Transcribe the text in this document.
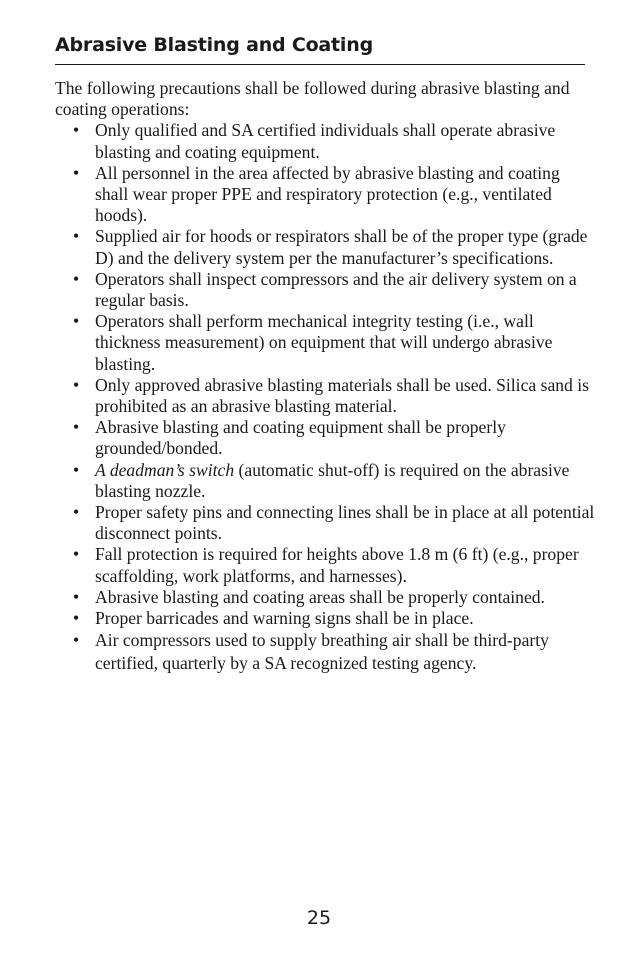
Abrasive Blasting and Coating

The following precautions shall be followed during abrasive blasting and coating operations:

• Only qualified and SA certified individuals shall operate abrasive blasting and coating equipment.
• All personnel in the area affected by abrasive blasting and coating shall wear proper PPE and respiratory protection (e.g., ventilated hoods).
• Supplied air for hoods or respirators shall be of the proper type (grade D) and the delivery system per the manufacturer’s specifications.
• Operators shall inspect compressors and the air delivery system on a regular basis.
• Operators shall perform mechanical integrity testing (i.e., wall thickness measurement) on equipment that will undergo abrasive blasting.
• Only approved abrasive blasting materials shall be used. Silica sand is prohibited as an abrasive blasting material.
• Abrasive blasting and coating equipment shall be properly grounded/bonded.
• A deadman’s switch (automatic shut-off) is required on the abrasive blasting nozzle.
• Proper safety pins and connecting lines shall be in place at all potential disconnect points.
• Fall protection is required for heights above 1.8 m (6 ft) (e.g., proper scaffolding, work platforms, and harnesses).
• Abrasive blasting and coating areas shall be properly contained.
• Proper barricades and warning signs shall be in place.
• Air compressors used to supply breathing air shall be third-party certified, quarterly by a SA recognized testing agency.
25
